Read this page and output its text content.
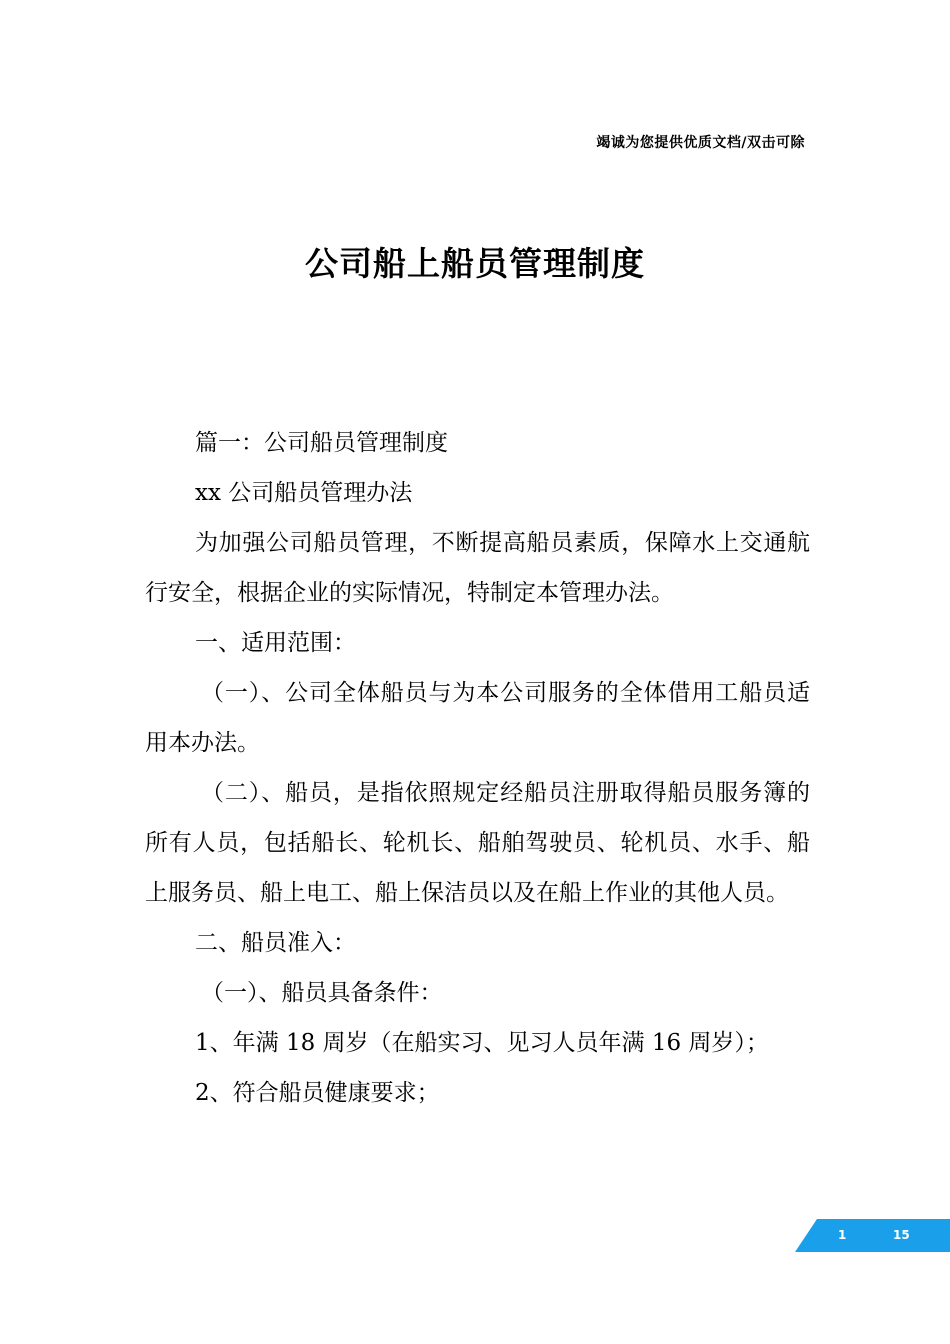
竭诚为您提供优质文档/双击可除
公司船上船员管理制度

篇一：公司船员管理制度

xx 公司船员管理办法

为加强公司船员管理，不断提高船员素质，保障水上交通航行安全，根据企业的实际情况，特制定本管理办法。

一、适用范围：

（一）、公司全体船员与为本公司服务的全体借用工船员适用本办法。

（二）、船员，是指依照规定经船员注册取得船员服务簿的所有人员，包括船长、轮机长、船舶驾驶员、轮机员、水手、船上服务员、船上电工、船上保洁员以及在船上作业的其他人员。

二、船员准入：

（一）、船员具备条件：

1、年满 18 周岁（在船实习、见习人员年满 16 周岁）；

2、符合船员健康要求；

1	15
